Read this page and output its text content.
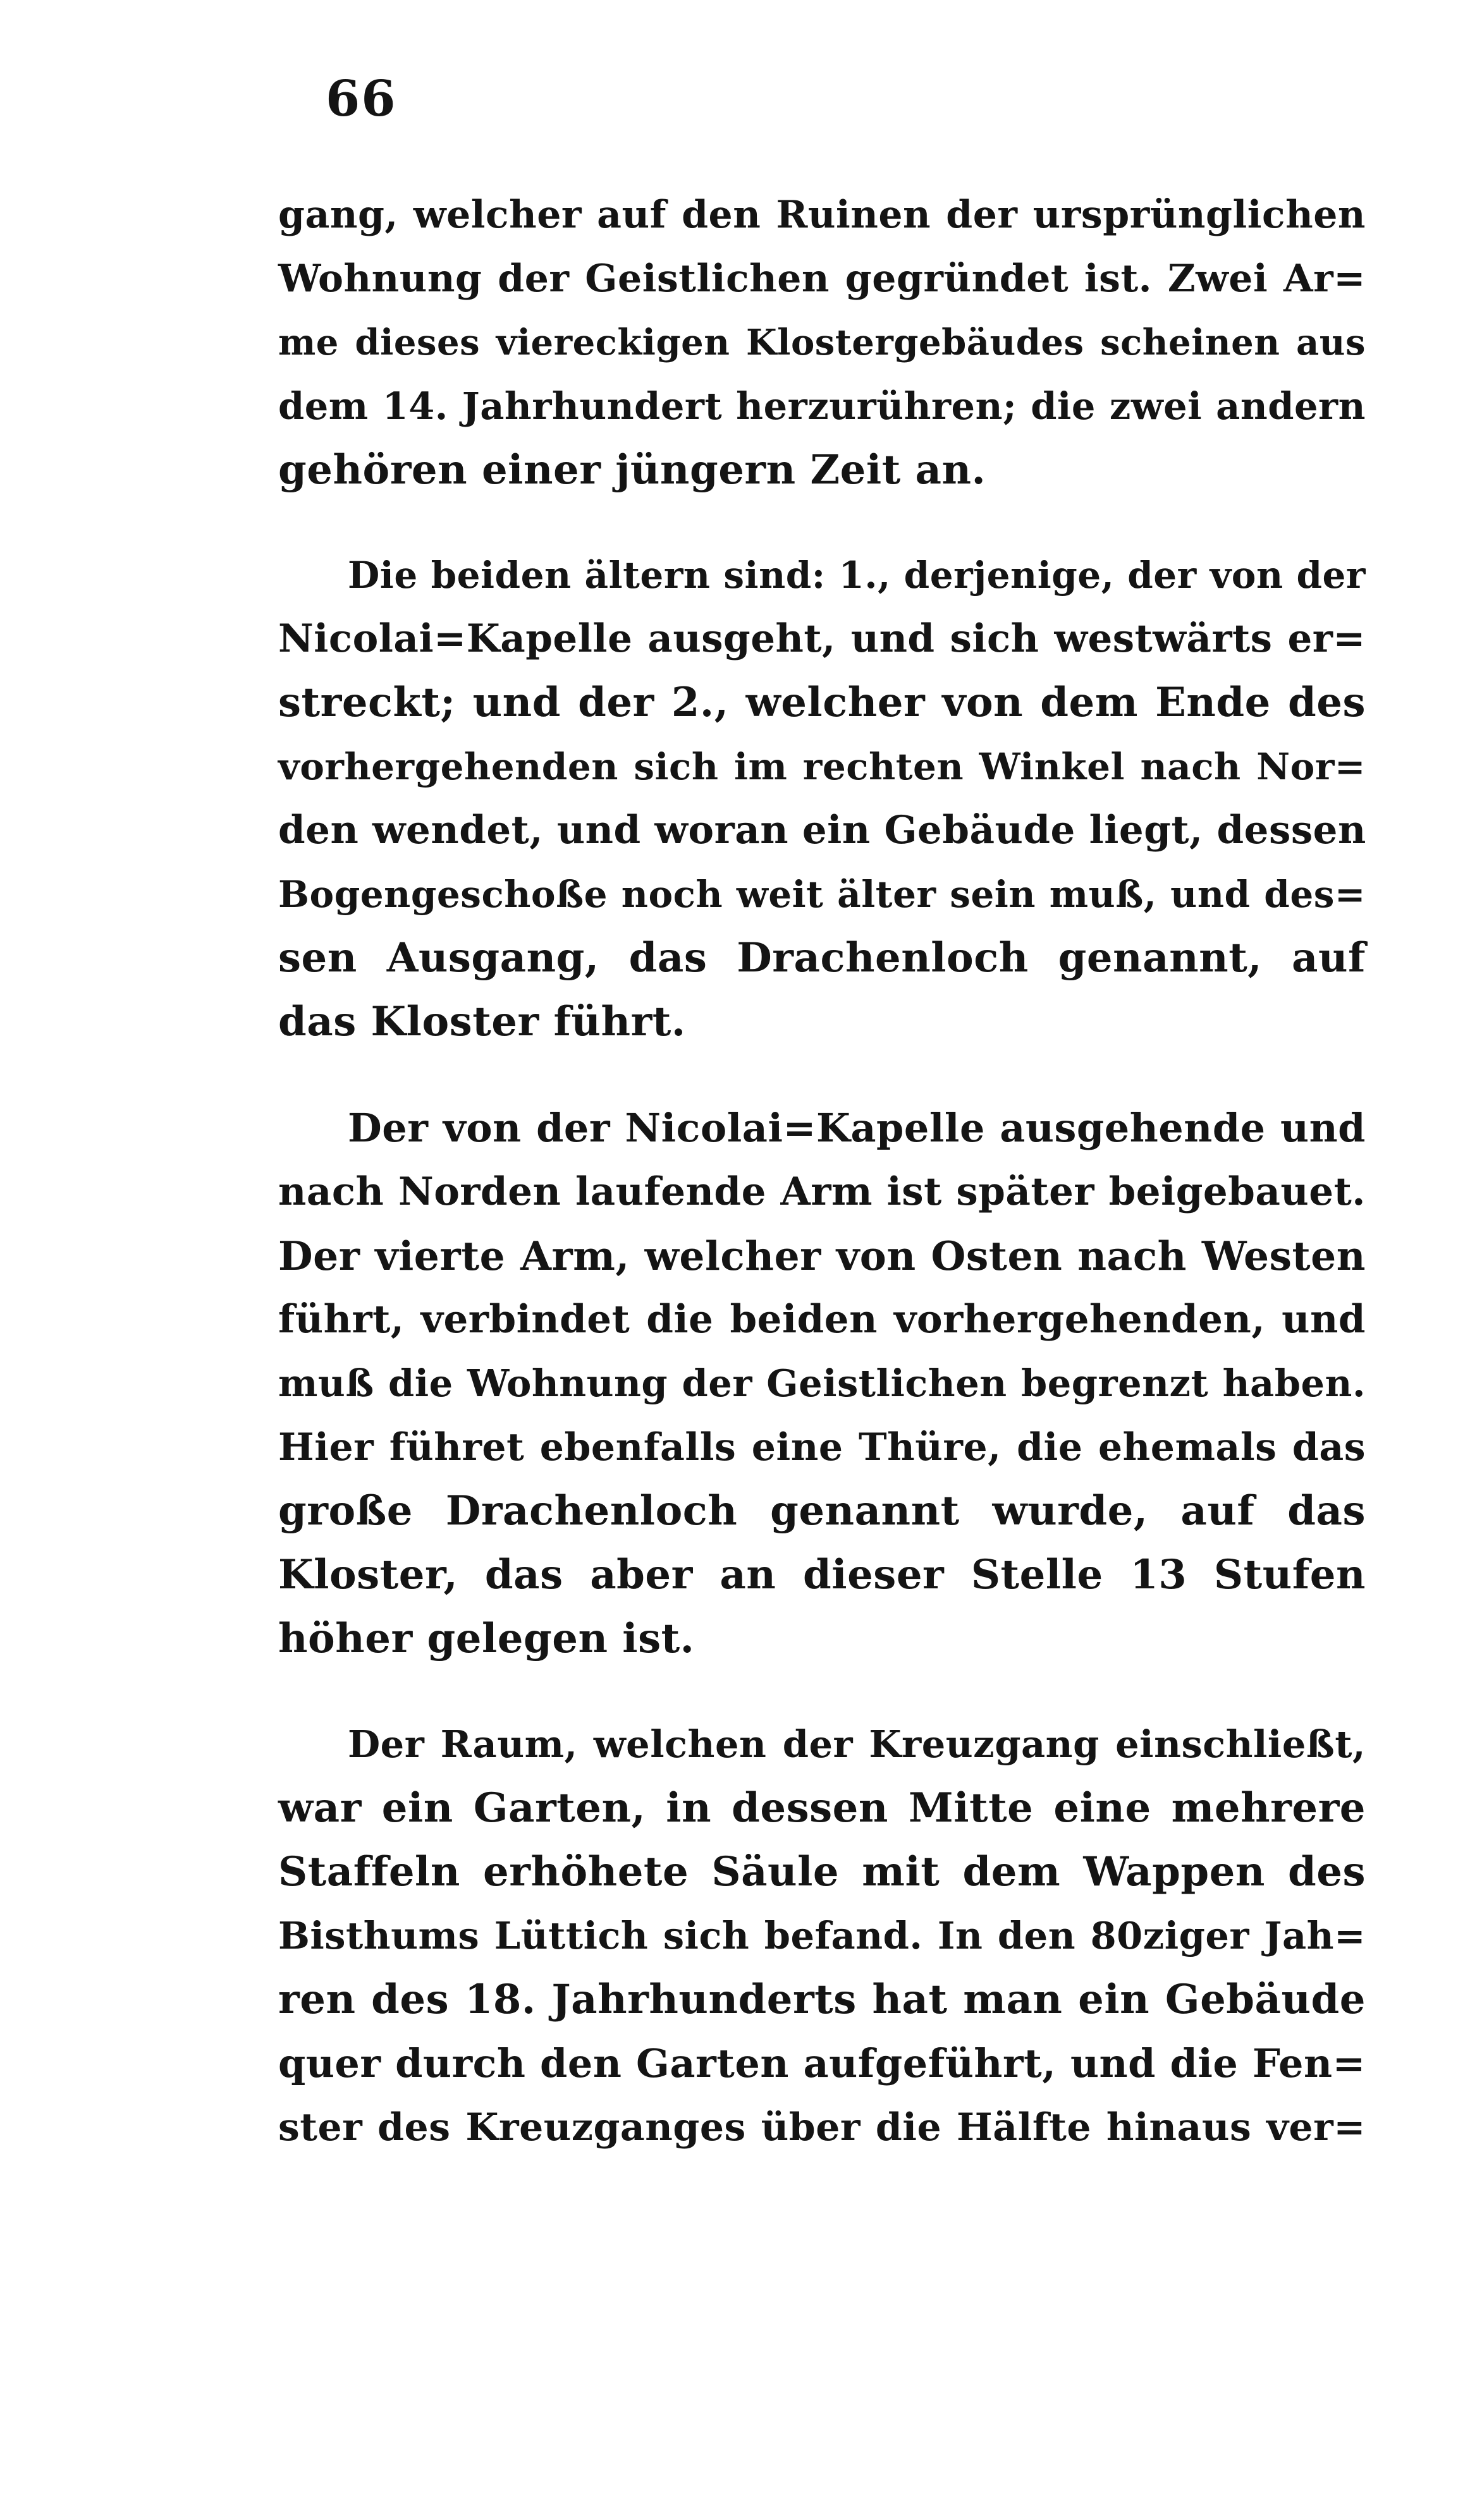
66
gang, welcher auf den Ruinen der ursprünglichen
Wohnung der Geistlichen gegründet ist. Zwei Ar=
me dieses viereckigen Klostergebäudes scheinen aus
dem 14. Jahrhundert herzurühren; die zwei andern
gehören einer jüngern Zeit an.
Die beiden ältern sind: 1., derjenige, der von der
Nicolai=Kapelle ausgeht, und sich westwärts er=
streckt; und der 2., welcher von dem Ende des
vorhergehenden sich im rechten Winkel nach Nor=
den wendet, und woran ein Gebäude liegt, dessen
Bogengeschoße noch weit älter sein muß, und des=
sen Ausgang, das Drachenloch genannt, auf
das Kloster führt.
Der von der Nicolai=Kapelle ausgehende und
nach Norden laufende Arm ist später beigebauet.
Der vierte Arm, welcher von Osten nach Westen
führt, verbindet die beiden vorhergehenden, und
muß die Wohnung der Geistlichen begrenzt haben.
Hier führet ebenfalls eine Thüre, die ehemals das
große Drachenloch genannt wurde, auf das
Kloster, das aber an dieser Stelle 13 Stufen
höher gelegen ist.
Der Raum, welchen der Kreuzgang einschließt,
war ein Garten, in dessen Mitte eine mehrere
Staffeln erhöhete Säule mit dem Wappen des
Bisthums Lüttich sich befand. In den 80ziger Jah=
ren des 18. Jahrhunderts hat man ein Gebäude
quer durch den Garten aufgeführt, und die Fen=
ster des Kreuzganges über die Hälfte hinaus ver=
